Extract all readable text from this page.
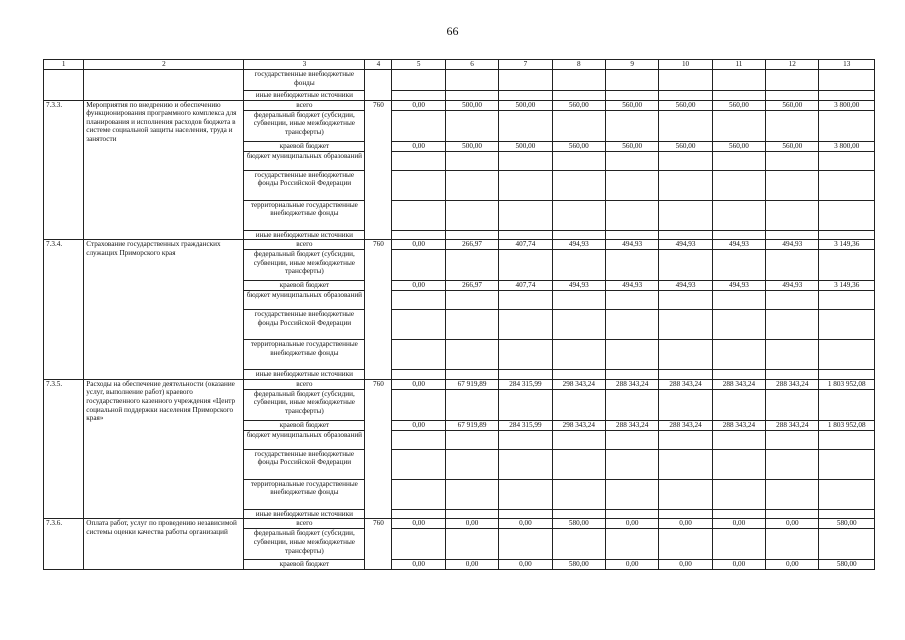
66
1	2	3	4	5	6	7	8	9	10	11	12	13
		государственные внебюджетные фонды										
		иные внебюджетные источники										
7.3.3.	Мероприятия по внедрению и обеспечению функционирования программного комплекса для планирования и исполнения расходов бюджета в системе социальной защиты населения, труда и занятости	всего	760	0,00	500,00	500,00	560,00	560,00	560,00	560,00	560,00	3 800,00
		федеральный бюджет (субсидии, субвенции, иные межбюджетные трансферты)										
		краевой бюджет		0,00	500,00	500,00	560,00	560,00	560,00	560,00	560,00	3 800,00
		бюджет муниципальных образований										
		государственные внебюджетные фонды Российской Федерации										
		территориальные государственные внебюджетные фонды										
		иные внебюджетные источники										
7.3.4.	Страхование государственных гражданских служащих Приморского края	всего	760	0,00	266,97	407,74	494,93	494,93	494,93	494,93	494,93	3 149,36
		федеральный бюджет (субсидии, субвенции, иные межбюджетные трансферты)										
		краевой бюджет		0,00	266,97	407,74	494,93	494,93	494,93	494,93	494,93	3 149,36
		бюджет муниципальных образований										
		государственные внебюджетные фонды Российской Федерации										
		территориальные государственные внебюджетные фонды										
		иные внебюджетные источники										
7.3.5.	Расходы на обеспечение деятельности (оказание услуг, выполнение работ) краевого государственного казенного учреждения «Центр социальной поддержки населения Приморского края»	всего	760	0,00	67 919,89	284 315,99	298 343,24	288 343,24	288 343,24	288 343,24	288 343,24	1 803 952,08
		федеральный бюджет (субсидии, субвенции, иные межбюджетные трансферты)										
		краевой бюджет		0,00	67 919,89	284 315,99	298 343,24	288 343,24	288 343,24	288 343,24	288 343,24	1 803 952,08
		бюджет муниципальных образований										
		государственные внебюджетные фонды Российской Федерации										
		территориальные государственные внебюджетные фонды										
		иные внебюджетные источники										
7.3.6.	Оплата работ, услуг по проведению независимой системы оценки качества работы организаций	всего	760	0,00	0,00	0,00	580,00	0,00	0,00	0,00	0,00	580,00
		федеральный бюджет (субсидии, субвенции, иные межбюджетные трансферты)										
		краевой бюджет		0,00	0,00	0,00	580,00	0,00	0,00	0,00	0,00	580,00
